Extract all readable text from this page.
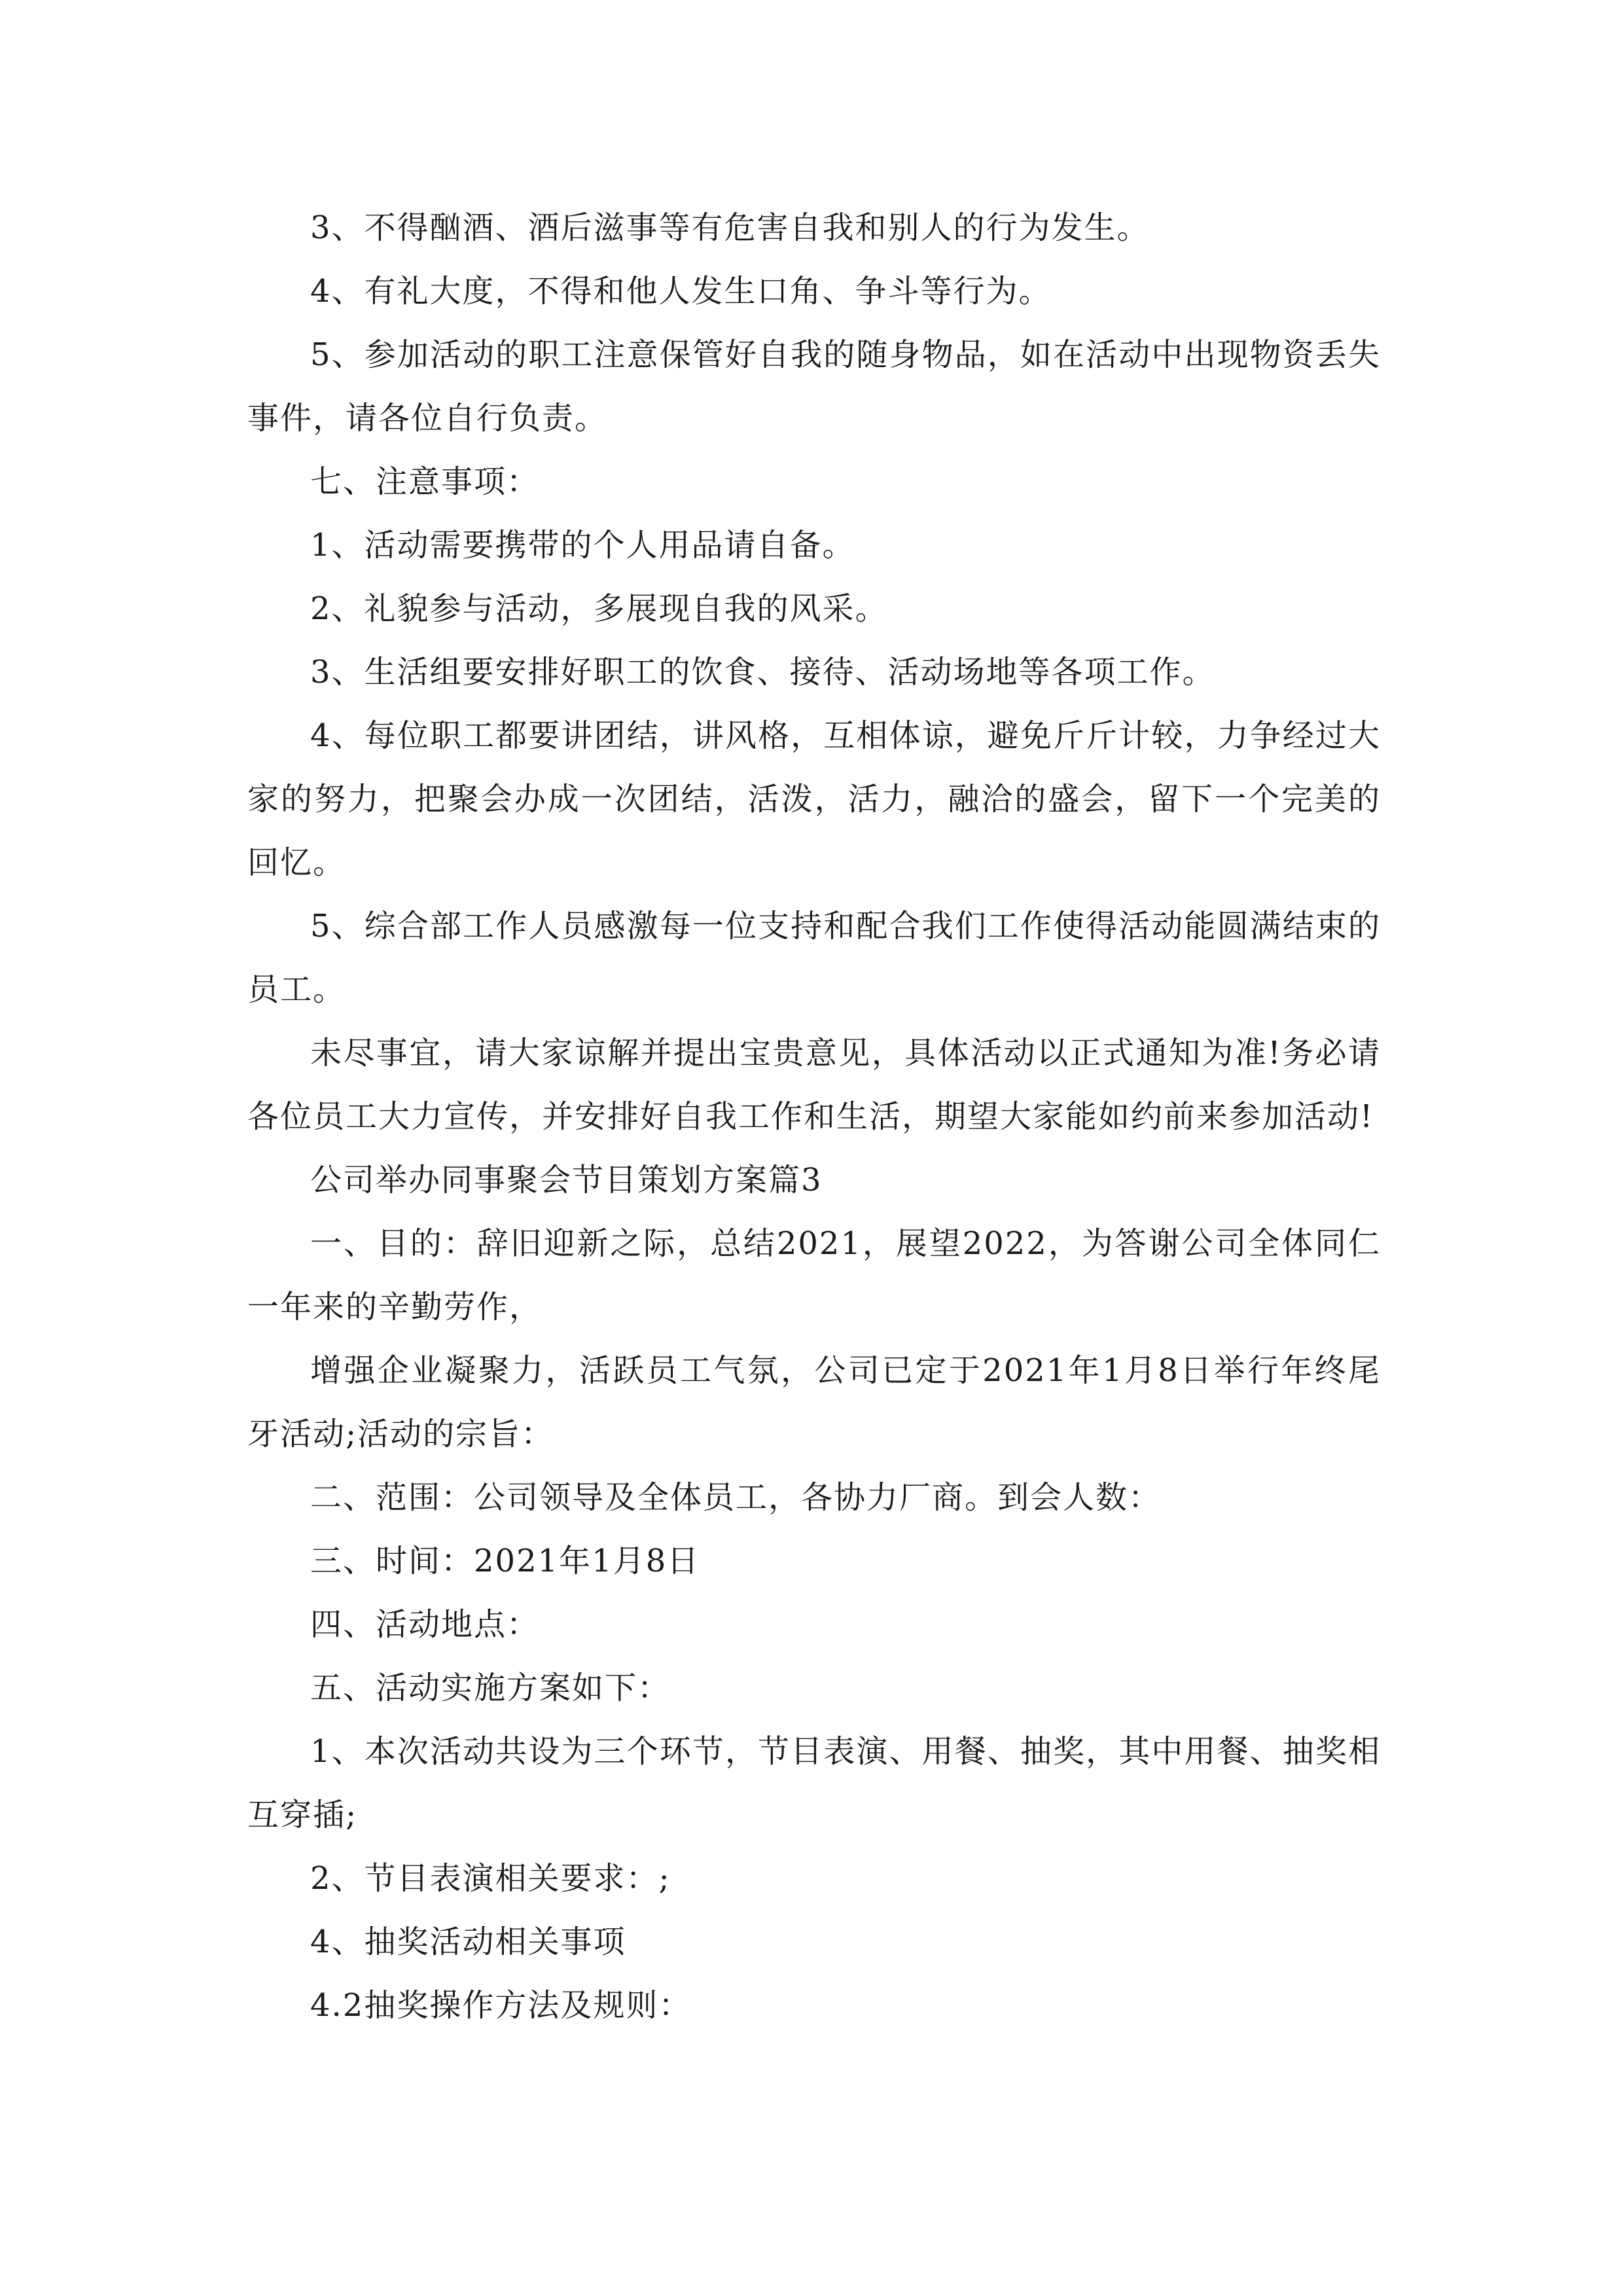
3、不得酗酒、酒后滋事等有危害自我和别人的行为发生。

4、有礼大度，不得和他人发生口角、争斗等行为。

5、参加活动的职工注意保管好自我的随身物品，如在活动中出现物资丢失事件，请各位自行负责。

七、注意事项：

1、活动需要携带的个人用品请自备。

2、礼貌参与活动，多展现自我的风采。

3、生活组要安排好职工的饮食、接待、活动场地等各项工作。

4、每位职工都要讲团结，讲风格，互相体谅，避免斤斤计较，力争经过大家的努力，把聚会办成一次团结，活泼，活力，融洽的盛会，留下一个完美的回忆。

5、综合部工作人员感激每一位支持和配合我们工作使得活动能圆满结束的员工。

未尽事宜，请大家谅解并提出宝贵意见，具体活动以正式通知为准!务必请各位员工大力宣传，并安排好自我工作和生活，期望大家能如约前来参加活动!

公司举办同事聚会节目策划方案篇3

一、目的：辞旧迎新之际，总结2021，展望2022，为答谢公司全体同仁一年来的辛勤劳作，

增强企业凝聚力，活跃员工气氛，公司已定于2021年1月8日举行年终尾牙活动;活动的宗旨：

二、范围：公司领导及全体员工，各协力厂商。到会人数：

三、时间：2021年1月8日

四、活动地点：

五、活动实施方案如下：

1、本次活动共设为三个环节，节目表演、用餐、抽奖，其中用餐、抽奖相互穿插;

2、节目表演相关要求：;

4、抽奖活动相关事项

4.2抽奖操作方法及规则：
